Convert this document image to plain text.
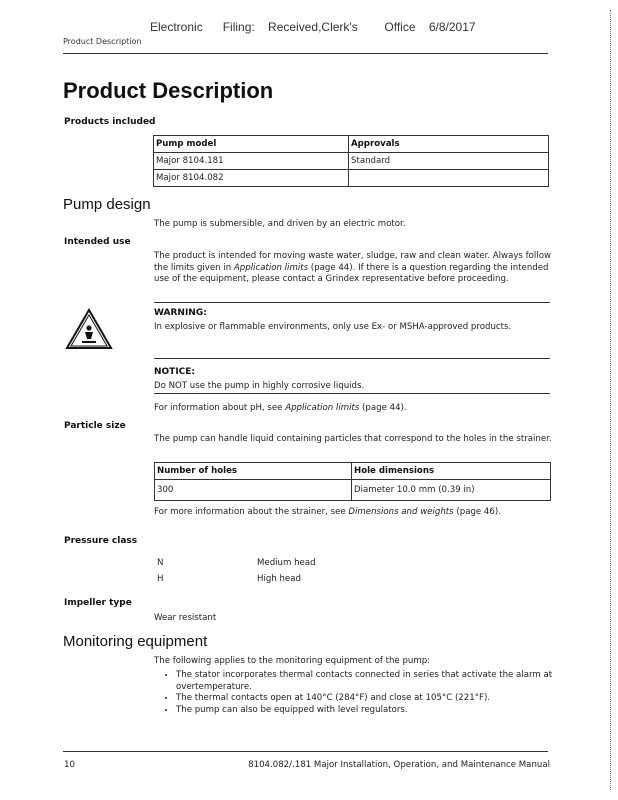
Electronic      Filing:    Received,Clerk's        Office    6/8/2017
Product Description
Product Description
Products included
Pump model	Approvals
Major 8104.181	Standard
Major 8104.082	
Pump design
The pump is submersible, and driven by an electric motor.
Intended use
The product is intended for moving waste water, sludge, raw and clean water. Always follow the limits given in Application limits (page 44). If there is a question regarding the intended use of the equipment, please contact a Grindex representative before proceeding.
WARNING:
In explosive or flammable environments, only use Ex- or MSHA-approved products.
NOTICE:
Do NOT use the pump in highly corrosive liquids.
For information about pH, see Application limits (page 44).
Particle size
The pump can handle liquid containing particles that correspond to the holes in the strainer.
Number of holes	Hole dimensions
300	Diameter 10.0 mm (0.39 in)
For more information about the strainer, see Dimensions and weights (page 46).
Pressure class
N	Medium head
H	High head
Impeller type
Wear resistant
Monitoring equipment
The following applies to the monitoring equipment of the pump:
• The stator incorporates thermal contacts connected in series that activate the alarm at overtemperature.
• The thermal contacts open at 140°C (284°F) and close at 105°C (221°F).
• The pump can also be equipped with level regulators.
10	8104.082/.181 Major Installation, Operation, and Maintenance Manual
